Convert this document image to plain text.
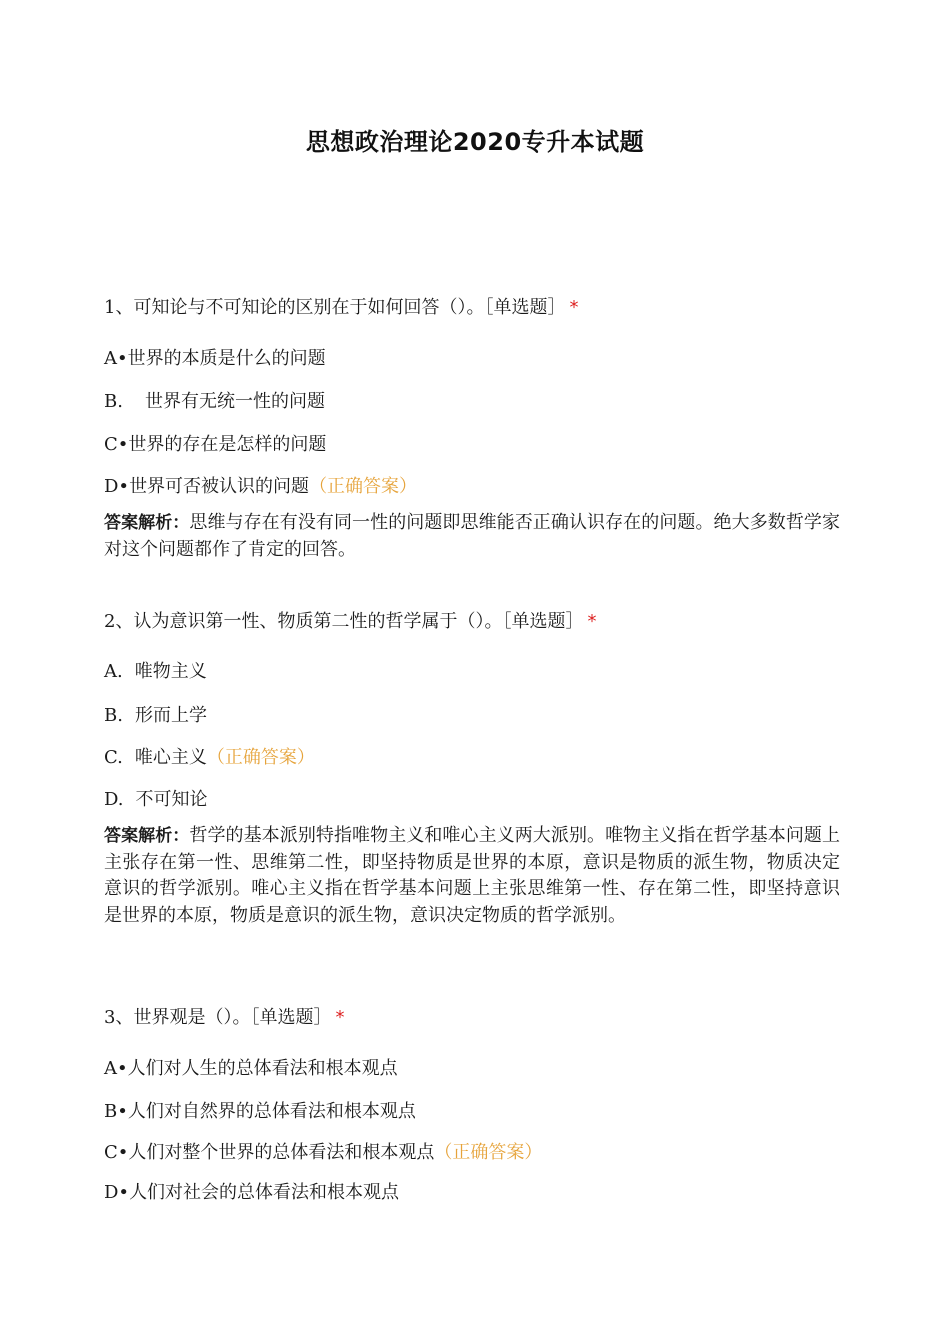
思想政治理论2020专升本试题
1、可知论与不可知论的区别在于如何回答（）。［单选题］ *
A•世界的本质是什么的问题
B. 世界有无统一性的问题
C•世界的存在是怎样的问题
D•世界可否被认识的问题（正确答案）
答案解析：思维与存在有没有同一性的问题即思维能否正确认识存在的问题。绝大多数哲学家对这个问题都作了肯定的回答。
2、认为意识第一性、物质第二性的哲学属于（）。［单选题］ *
A. 唯物主义
B. 形而上学
C. 唯心主义（正确答案）
D. 不可知论
答案解析：哲学的基本派别特指唯物主义和唯心主义两大派别。唯物主义指在哲学基本问题上主张存在第一性、思维第二性，即坚持物质是世界的本原，意识是物质的派生物，物质决定意识的哲学派别。唯心主义指在哲学基本问题上主张思维第一性、存在第二性，即坚持意识是世界的本原，物质是意识的派生物，意识决定物质的哲学派别。
3、世界观是（）。［单选题］ *
A•人们对人生的总体看法和根本观点
B•人们对自然界的总体看法和根本观点
C•人们对整个世界的总体看法和根本观点（正确答案）
D•人们对社会的总体看法和根本观点
